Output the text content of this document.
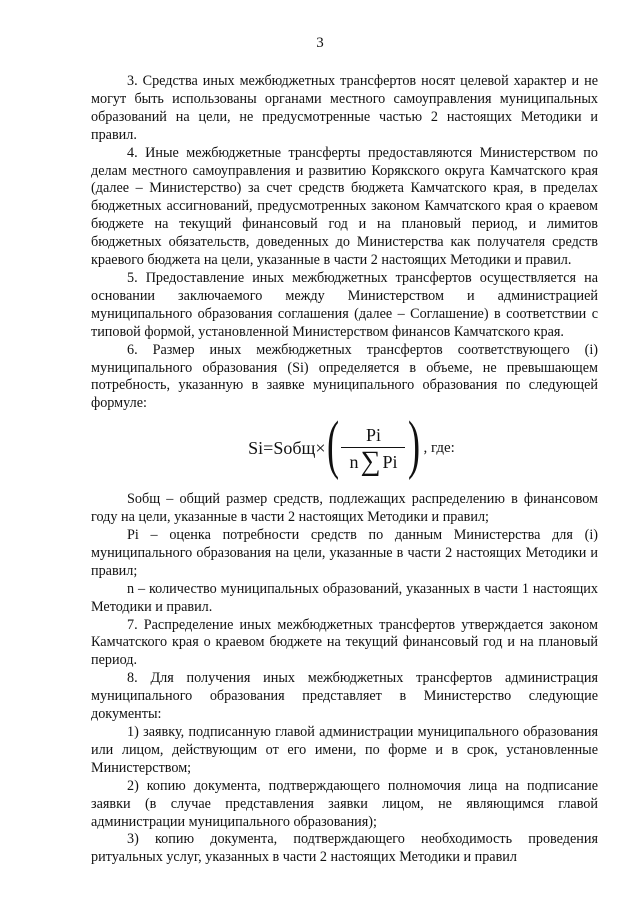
3

3. Средства иных межбюджетных трансфертов носят целевой характер и не могут быть использованы органами местного самоуправления муниципальных образований на цели, не предусмотренные частью 2 настоящих Методики и правил.

4. Иные межбюджетные трансферты предоставляются Министерством по делам местного самоуправления и развитию Корякского округа Камчатского края (далее – Министерство) за счет средств бюджета Камчатского края, в пределах бюджетных ассигнований, предусмотренных законом Камчатского края о краевом бюджете на текущий финансовый год и на плановый период, и лимитов бюджетных обязательств, доведенных до Министерства как получателя средств краевого бюджета на цели, указанные в части 2 настоящих Методики и правил.

5. Предоставление иных межбюджетных трансфертов осуществляется на основании заключаемого между Министерством и администрацией муниципального образования соглашения (далее – Соглашение) в соответствии с типовой формой, установленной Министерством финансов Камчатского края.

6. Размер иных межбюджетных трансфертов соответствующего (i) муниципального образования (Si) определяется в объеме, не превышающем потребность, указанную в заявке муниципального образования по следующей формуле:

Si=Sобщ× ( $\frac{Pi}{n \sum Pi}$ ) , где:

Sобщ – общий размер средств, подлежащих распределению в финансовом году на цели, указанные в части 2 настоящих Методики и правил;

Pi – оценка потребности средств по данным Министерства для (i) муниципального образования на цели, указанные в части 2 настоящих Методики и правил;

n – количество муниципальных образований, указанных в части 1 настоящих Методики и правил.

7. Распределение иных межбюджетных трансфертов утверждается законом Камчатского края о краевом бюджете на текущий финансовый год и на плановый период.

8. Для получения иных межбюджетных трансфертов администрация муниципального образования представляет в Министерство следующие документы:

1) заявку, подписанную главой администрации муниципального образования или лицом, действующим от его имени, по форме и в срок, установленные Министерством;

2) копию документа, подтверждающего полномочия лица на подписание заявки (в случае представления заявки лицом, не являющимся главой администрации муниципального образования);

3) копию документа, подтверждающего необходимость проведения ритуальных услуг, указанных в части 2 настоящих Методики и правил
